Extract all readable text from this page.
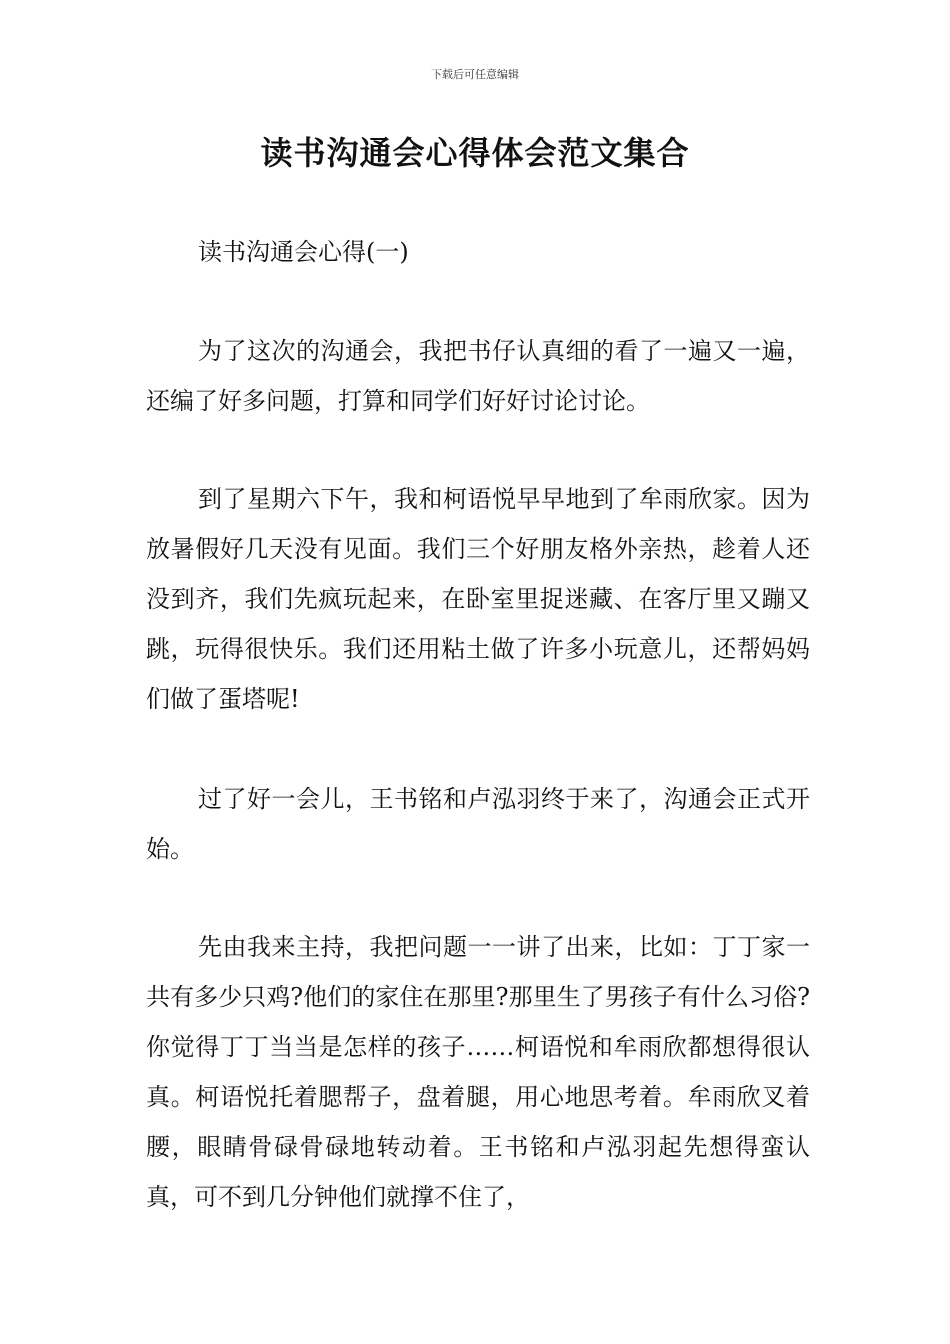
下载后可任意编辑
读书沟通会心得体会范文集合
读书沟通会心得(一)

为了这次的沟通会，我把书仔认真细的看了一遍又一遍，还编了好多问题，打算和同学们好好讨论讨论。

到了星期六下午，我和柯语悦早早地到了牟雨欣家。因为放暑假好几天没有见面。我们三个好朋友格外亲热，趁着人还没到齐，我们先疯玩起来，在卧室里捉迷藏、在客厅里又蹦又跳，玩得很快乐。我们还用粘土做了许多小玩意儿，还帮妈妈们做了蛋塔呢!

过了好一会儿，王书铭和卢泓羽终于来了，沟通会正式开始。

先由我来主持，我把问题一一讲了出来，比如：丁丁家一共有多少只鸡?他们的家住在那里?那里生了男孩子有什么习俗?你觉得丁丁当当是怎样的孩子……柯语悦和牟雨欣都想得很认真。柯语悦托着腮帮子，盘着腿，用心地思考着。牟雨欣叉着腰，眼睛骨碌骨碌地转动着。王书铭和卢泓羽起先想得蛮认真，可不到几分钟他们就撑不住了，
